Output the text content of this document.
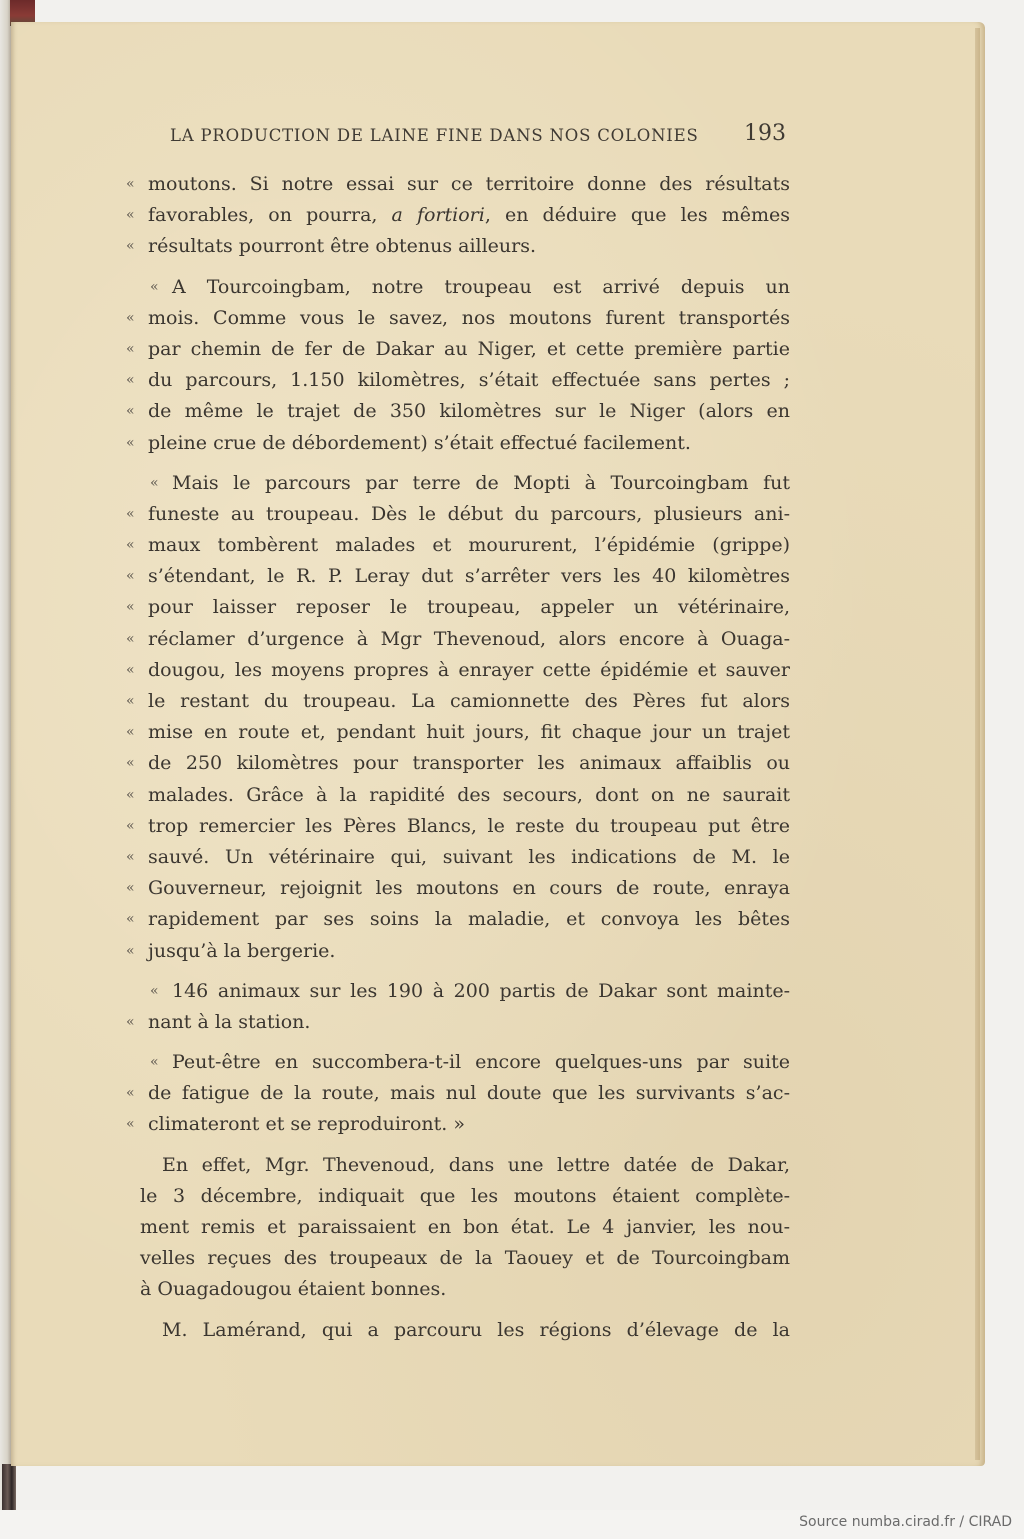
LA PRODUCTION DE LAINE FINE DANS NOS COLONIES 193
« moutons. Si notre essai sur ce territoire donne des résultats
« favorables, on pourra, a fortiori, en déduire que les mêmes
« résultats pourront être obtenus ailleurs.
« A Tourcoingbam, notre troupeau est arrivé depuis un
« mois. Comme vous le savez, nos moutons furent transportés
« par chemin de fer de Dakar au Niger, et cette première partie
« du parcours, 1.150 kilomètres, s’était effectuée sans pertes ;
« de même le trajet de 350 kilomètres sur le Niger (alors en
« pleine crue de débordement) s’était effectué facilement.
« Mais le parcours par terre de Mopti à Tourcoingbam fut
« funeste au troupeau. Dès le début du parcours, plusieurs ani-
« maux tombèrent malades et moururent, l’épidémie (grippe)
« s’étendant, le R. P. Leray dut s’arrêter vers les 40 kilomètres
« pour laisser reposer le troupeau, appeler un vétérinaire,
« réclamer d’urgence à Mgr Thevenoud, alors encore à Ouaga-
« dougou, les moyens propres à enrayer cette épidémie et sauver
« le restant du troupeau. La camionnette des Pères fut alors
« mise en route et, pendant huit jours, fit chaque jour un trajet
« de 250 kilomètres pour transporter les animaux affaiblis ou
« malades. Grâce à la rapidité des secours, dont on ne saurait
« trop remercier les Pères Blancs, le reste du troupeau put être
« sauvé. Un vétérinaire qui, suivant les indications de M. le
« Gouverneur, rejoignit les moutons en cours de route, enraya
« rapidement par ses soins la maladie, et convoya les bêtes
« jusqu’à la bergerie.
« 146 animaux sur les 190 à 200 partis de Dakar sont mainte-
« nant à la station.
« Peut-être en succombera-t-il encore quelques-uns par suite
« de fatigue de la route, mais nul doute que les survivants s’ac-
« climateront et se reproduiront. »
En effet, Mgr. Thevenoud, dans une lettre datée de Dakar,
le 3 décembre, indiquait que les moutons étaient complète-
ment remis et paraissaient en bon état. Le 4 janvier, les nou-
velles reçues des troupeaux de la Taouey et de Tourcoingbam
à Ouagadougou étaient bonnes.
M. Lamérand, qui a parcouru les régions d’élevage de la
Source numba.cirad.fr / CIRAD
